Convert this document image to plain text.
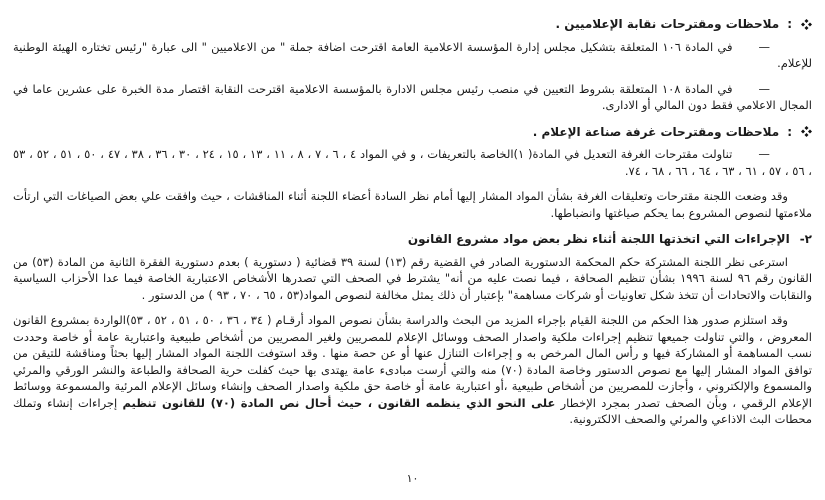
:
ملاحظات ومقترحات نقابة الإعلاميين .

—في المادة ١٠٦ المتعلقة بتشكيل مجلس إدارة المؤسسة الاعلامية العامة اقترحت اضافة جملة " من الاعلاميين " الى عبارة "رئيس تختاره الهيئة الوطنية للإعلام.

—في المادة ١٠٨ المتعلقة بشروط التعيين في منصب رئيس مجلس الادارة بالمؤسسة الاعلامية اقترحت النقابة اقتصار مدة الخبرة على عشرين عاما في المجال الاعلامي فقط دون المالي أو الادارى.

:
ملاحظات ومقترحات غرفة صناعة الإعلام .

—تناولت مقترحات الغرفة التعديل في المادة( ١)الخاصة بالتعريفات ، و في المواد ٤ ، ٦ ، ٧ ، ٨ ، ١١ ، ١٣ ، ١٥ ، ٢٤ ، ٣٠ ، ٣٦ ، ٣٨ ، ٤٧ ، ٥٠ ، ٥١ ، ٥٢ ، ٥٣ ، ٥٦ ، ٥٧ ، ٦١ ، ٦٣ ، ٦٤ ، ٦٦ ، ٦٨ ، ٧٤.

وقد وضعت اللجنة مقترحات وتعليقات الغرفة بشأن المواد المشار إليها أمام نظر السادة أعضاء اللجنة أثناء المناقشات ، حيث وافقت علي بعض الصياغات التي ارتأت ملاءمتها لنصوص المشروع بما يحكم صياغتها وانضباطها.

٢-الإجراءات التي اتخذتها اللجنة أثناء نظر بعض مواد مشروع القانون

استرعى نظر اللجنة المشتركة حكم المحكمة الدستورية الصادر في القضية رقم (١٣) لسنة ٣٩ قضائية ( دستورية ) بعدم دستورية الفقرة الثانية من المادة (٥٣) من القانون رقم ٩٦ لسنة ١٩٩٦ بشأن تنظيم الصحافة ، فيما نصت عليه من أنه" يشترط في الصحف التي تصدرها الأشخاص الاعتبارية الخاصة فيما عدا الأحزاب السياسية والنقابات والاتحادات أن تتخذ شكل تعاونيات أو شركات مساهمة" بإعتبار أن ذلك يمثل مخالفة لنصوص المواد(٥٣ ، ٦٥ ، ٧٠ ، ٩٣ ) من الدستور .

وقد استلزم صدور هذا الحكم من اللجنة القيام بإجراء المزيد من البحث والدراسة بشأن نصوص المواد أرقـام ( ٣٤ ، ٣٦ ، ٥٠ ، ٥١ ، ٥٢ ، ٥٣)الواردة بمشروع القانون المعروض ، والتي تناولت جميعها تنظيم إجراءات ملكية واصدار الصحف ووسائل الإعلام للمصريين ولغير المصريين من أشخاص طبيعية واعتبارية عامة أو خاصة وحددت نسب المساهمة أو المشاركة فيها و رأس المال المرخص به و إجراءات التنازل عنها أو عن حصة منها . وقد استوفت اللجنة المواد المشار إليها بحثاً ومناقشة للتيقن من توافق المواد المشار إليها مع نصوص الدستور وخاصة المادة (٧٠) منه والتي أرست مبادىء عامة يهتدى بها حيث كفلت حرية الصحافة والطباعة والنشر الورقي والمرئي والمسموع والإلكتروني ، وأجازت للمصريين من أشخاص طبيعية ،أو اعتبارية عامة أو خاصة حق ملكية واصدار الصحف وإنشاء وسائل الإعلام المرئية والمسموعة ووسائط الإعلام الرقمي ، وبأن الصحف تصدر بمجرد الإخطار على النحو الذي ينظمه القانون ، حيث أحال نص المادة (٧٠) للقانون تنظيم إجراءات إنشاء وتملك محطات البث الاذاعي والمرئي والصحف الالكترونية.

١٠
